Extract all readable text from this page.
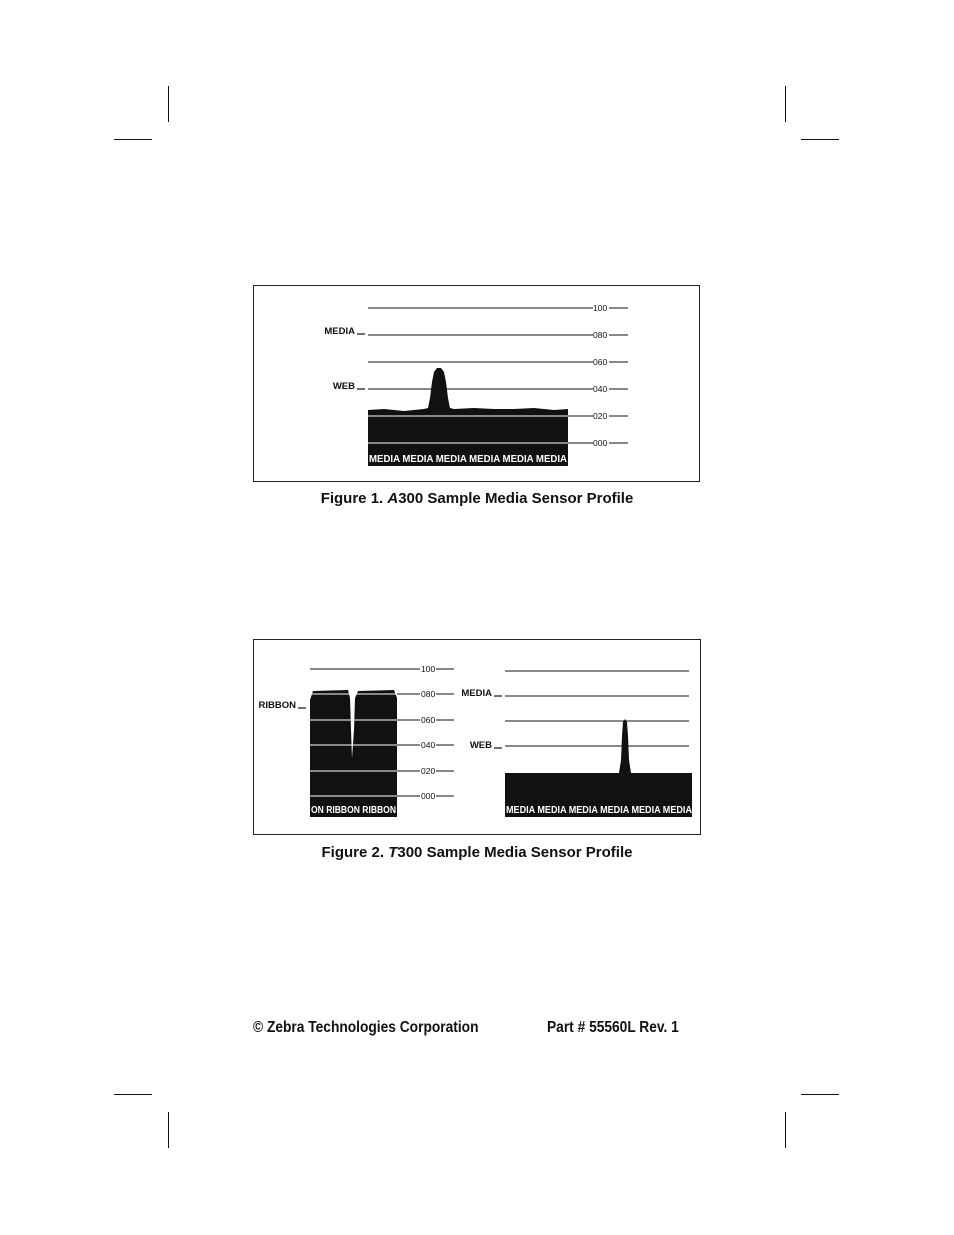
100
080
060
040
020
000
MEDIA
WEB
MEDIA MEDIA MEDIA MEDIA MEDIA MEDIA
Figure 1. A300 Sample Media Sensor Profile
100
080
060
040
020
000
RIBBON
MEDIA
WEB
ON RIBBON RIBBON	MEDIA MEDIA MEDIA MEDIA MEDIA MEDIA
Figure 2. T300 Sample Media Sensor Profile
© Zebra Technologies Corporation	Part # 55560L Rev. 1
